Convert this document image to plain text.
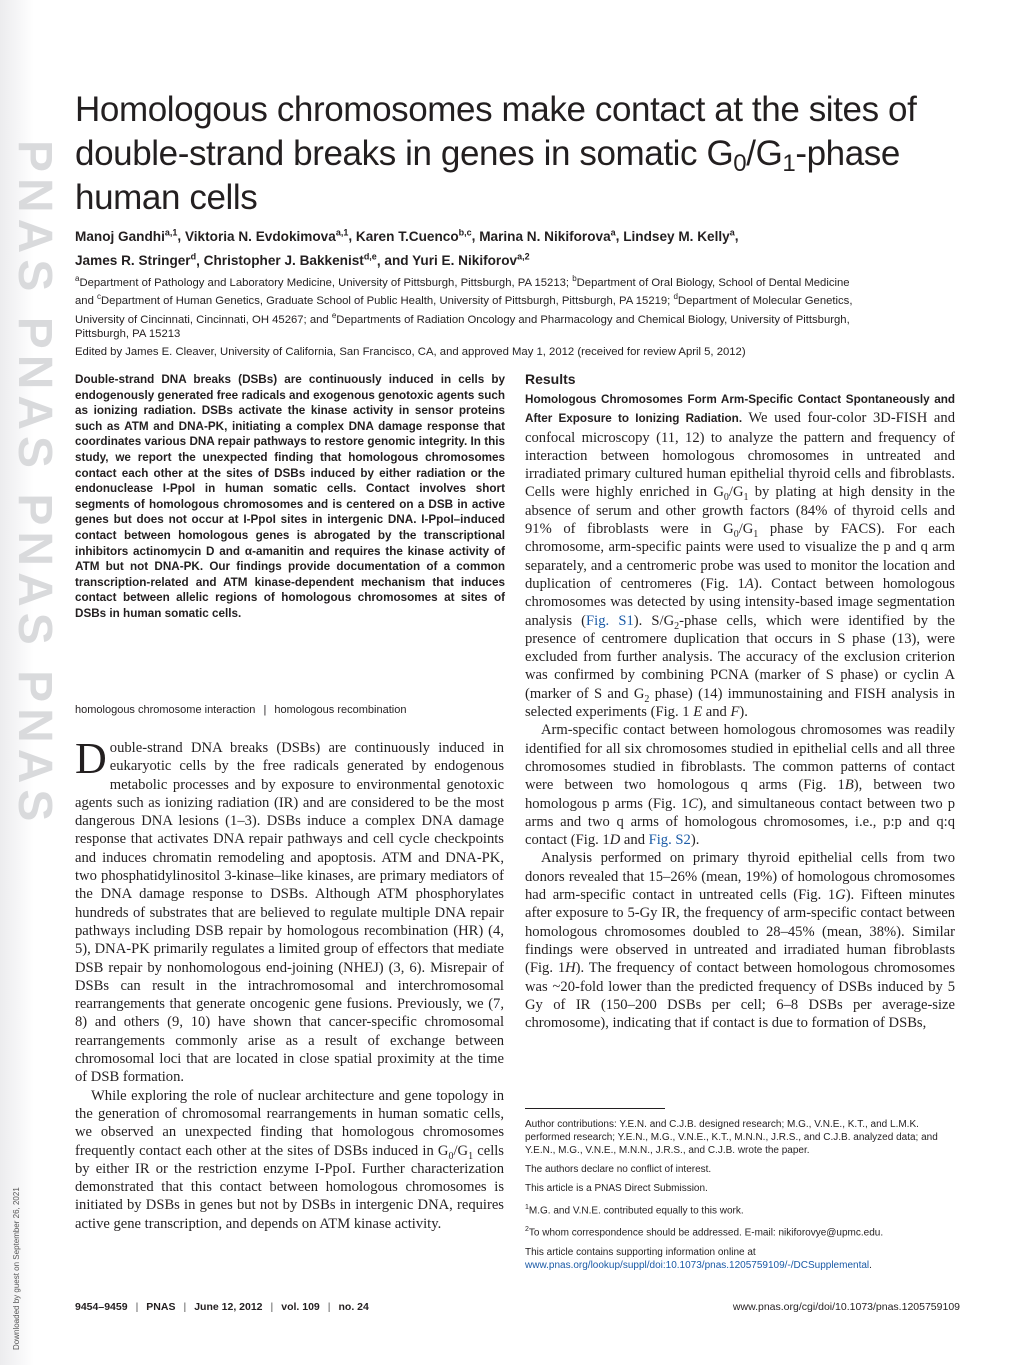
PNAS PNAS PNAS PNAS
Downloaded by guest on September 26, 2021
Homologous chromosomes make contact at the sites of
double-strand breaks in genes in somatic $G_0/G_1$-phase
human cells
Manoj Gandhi$^{a,1}$, Viktoria N. Evdokimova$^{a,1}$, Karen T.Cuenco$^{b,c}$, Marina N. Nikiforova$^a$, Lindsey M. Kelly$^a$,
James R. Stringer$^d$, Christopher J. Bakkenist$^{d,e}$, and Yuri E. Nikiforov$^{a,2}$
$^a$Department of Pathology and Laboratory Medicine, University of Pittsburgh, Pittsburgh, PA 15213; $^b$Department of Oral Biology, School of Dental Medicine
and $^c$Department of Human Genetics, Graduate School of Public Health, University of Pittsburgh, Pittsburgh, PA 15219; $^d$Department of Molecular Genetics,
University of Cincinnati, Cincinnati, OH 45267; and $^e$Departments of Radiation Oncology and Pharmacology and Chemical Biology, University of Pittsburgh,
Pittsburgh, PA 15213
Edited by James E. Cleaver, University of California, San Francisco, CA, and approved May 1, 2012 (received for review April 5, 2012)
Double-strand DNA breaks (DSBs) are continuously induced in cells by endogenously generated free radicals and exogenous genotoxic agents such as ionizing radiation. DSBs activate the kinase activity in sensor proteins such as ATM and DNA-PK, initiating a complex DNA damage response that coordinates various DNA repair pathways to restore genomic integrity. In this study, we report the unexpected finding that homologous chromosomes contact each other at the sites of DSBs induced by either radiation or the endonuclease I-PpoI in human somatic cells. Contact involves short segments of homologous chromosomes and is centered on a DSB in active genes but does not occur at I-PpoI sites in intergenic DNA. I-PpoI–induced contact between homologous genes is abrogated by the transcriptional inhibitors actinomycin D and α-amanitin and requires the kinase activity of ATM but not DNA-PK. Our findings provide documentation of a common transcription-related and ATM kinase-dependent mechanism that induces contact between allelic regions of homologous chromosomes at sites of DSBs in human somatic cells.
homologous chromosome interaction | homologous recombination

Double-strand DNA breaks (DSBs) are continuously induced in eukaryotic cells by the free radicals generated by endogenous metabolic processes and by exposure to environmental genotoxic agents such as ionizing radiation (IR) and are considered to be the most dangerous DNA lesions (1–3). DSBs induce a complex DNA damage response that activates DNA repair pathways and cell cycle checkpoints and induces chromatin remodeling and apoptosis. ATM and DNA-PK, two phosphatidylinositol 3-kinase–like kinases, are primary mediators of the DNA damage response to DSBs. Although ATM phosphorylates hundreds of substrates that are believed to regulate multiple DNA repair pathways including DSB repair by homologous recombination (HR) (4, 5), DNA-PK primarily regulates a limited group of effectors that mediate DSB repair by nonhomologous end-joining (NHEJ) (3, 6). Misrepair of DSBs can result in the intrachromosomal and interchromosomal rearrangements that generate oncogenic gene fusions. Previously, we (7, 8) and others (9, 10) have shown that cancer-specific chromosomal rearrangements commonly arise as a result of exchange between chromosomal loci that are located in close spatial proximity at the time of DSB formation.

While exploring the role of nuclear architecture and gene topology in the generation of chromosomal rearrangements in human somatic cells, we observed an unexpected finding that homologous chromosomes frequently contact each other at the sites of DSBs induced in $G_0/G_1$ cells by either IR or the restriction enzyme I-PpoI. Further characterization demonstrated that this contact between homologous chromosomes is initiated by DSBs in genes but not by DSBs in intergenic DNA, requires active gene transcription, and depends on ATM kinase activity.

Results

Homologous Chromosomes Form Arm-Specific Contact Spontaneously and After Exposure to Ionizing Radiation. We used four-color 3D-FISH and confocal microscopy (11, 12) to analyze the pattern and frequency of interaction between homologous chromosomes in untreated and irradiated primary cultured human epithelial thyroid cells and fibroblasts. Cells were highly enriched in $G_0/G_1$ by plating at high density in the absence of serum and other growth factors (84% of thyroid cells and 91% of fibroblasts were in $G_0/G_1$ phase by FACS). For each chromosome, arm-specific paints were used to visualize the p and q arm separately, and a centromeric probe was used to monitor the location and duplication of centromeres (Fig. 1A). Contact between homologous chromosomes was detected by using intensity-based image segmentation analysis (Fig. S1). $S/G_2$-phase cells, which were identified by the presence of centromere duplication that occurs in S phase (13), were excluded from further analysis. The accuracy of the exclusion criterion was confirmed by combining PCNA (marker of S phase) or cyclin A (marker of S and $G_2$ phase) (14) immunostaining and FISH analysis in selected experiments (Fig. 1 E and F).

Arm-specific contact between homologous chromosomes was readily identified for all six chromosomes studied in epithelial cells and all three chromosomes studied in fibroblasts. The common patterns of contact were between two homologous q arms (Fig. 1B), between two homologous p arms (Fig. 1C), and simultaneous contact between two p arms and two q arms of homologous chromosomes, i.e., p:p and q:q contact (Fig. 1D and Fig. S2).

Analysis performed on primary thyroid epithelial cells from two donors revealed that 15–26% (mean, 19%) of homologous chromosomes had arm-specific contact in untreated cells (Fig. 1G). Fifteen minutes after exposure to 5-Gy IR, the frequency of arm-specific contact between homologous chromosomes doubled to 28–45% (mean, 38%). Similar findings were observed in untreated and irradiated human fibroblasts (Fig. 1H). The frequency of contact between homologous chromosomes was ~20-fold lower than the predicted frequency of DSBs induced by 5 Gy of IR (150–200 DSBs per cell; 6–8 DSBs per average-size chromosome), indicating that if contact is due to formation of DSBs,

Author contributions: Y.E.N. and C.J.B. designed research; M.G., V.N.E., K.T., and L.M.K. performed research; Y.E.N., M.G., V.N.E., K.T., M.N.N., J.R.S., and C.J.B. analyzed data; and Y.E.N., M.G., V.N.E., M.N.N., J.R.S., and C.J.B. wrote the paper.

The authors declare no conflict of interest.

This article is a PNAS Direct Submission.

$^1$M.G. and V.N.E. contributed equally to this work.

$^2$To whom correspondence should be addressed. E-mail: nikiforovye@upmc.edu.

This article contains supporting information online at www.pnas.org/lookup/suppl/doi:10.1073/pnas.1205759109/-/DCSupplemental.

9454–9459 | PNAS | June 12, 2012 | vol. 109 | no. 24	www.pnas.org/cgi/doi/10.1073/pnas.1205759109
